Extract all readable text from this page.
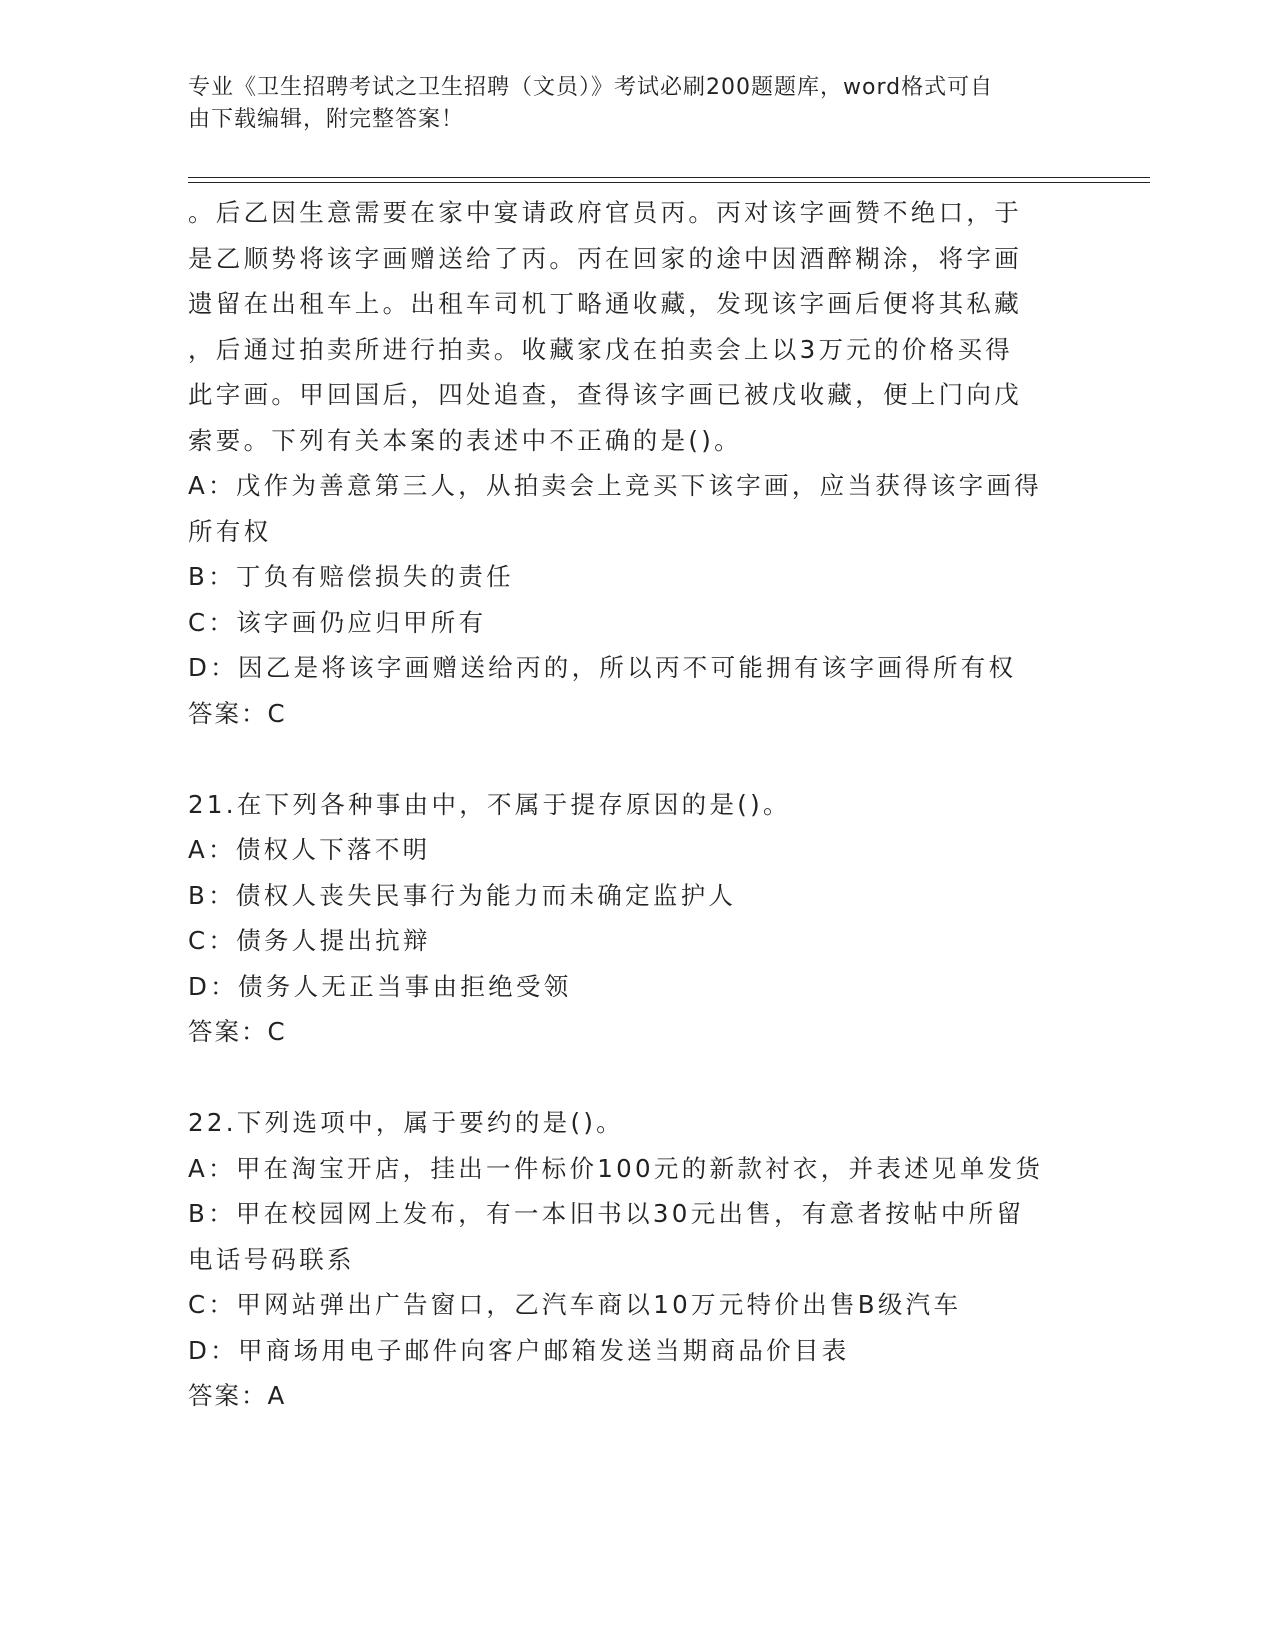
专业《卫生招聘考试之卫生招聘（文员）》考试必刷200题题库，word格式可自
由下载编辑，附完整答案！
。后乙因生意需要在家中宴请政府官员丙。丙对该字画赞不绝口，于
是乙顺势将该字画赠送给了丙。丙在回家的途中因酒醉糊涂，将字画
遗留在出租车上。出租车司机丁略通收藏，发现该字画后便将其私藏
，后通过拍卖所进行拍卖。收藏家戊在拍卖会上以3万元的价格买得
此字画。甲回国后，四处追查，查得该字画已被戊收藏，便上门向戊
索要。下列有关本案的表述中不正确的是()。
A：戊作为善意第三人，从拍卖会上竞买下该字画，应当获得该字画得
所有权
B：丁负有赔偿损失的责任
C：该字画仍应归甲所有
D：因乙是将该字画赠送给丙的，所以丙不可能拥有该字画得所有权
答案：C
21.在下列各种事由中，不属于提存原因的是()。
A：债权人下落不明
B：债权人丧失民事行为能力而未确定监护人
C：债务人提出抗辩
D：债务人无正当事由拒绝受领
答案：C
22.下列选项中，属于要约的是()。
A：甲在淘宝开店，挂出一件标价100元的新款衬衣，并表述见单发货
B：甲在校园网上发布，有一本旧书以30元出售，有意者按帖中所留
电话号码联系
C：甲网站弹出广告窗口，乙汽车商以10万元特价出售B级汽车
D：甲商场用电子邮件向客户邮箱发送当期商品价目表
答案：A
